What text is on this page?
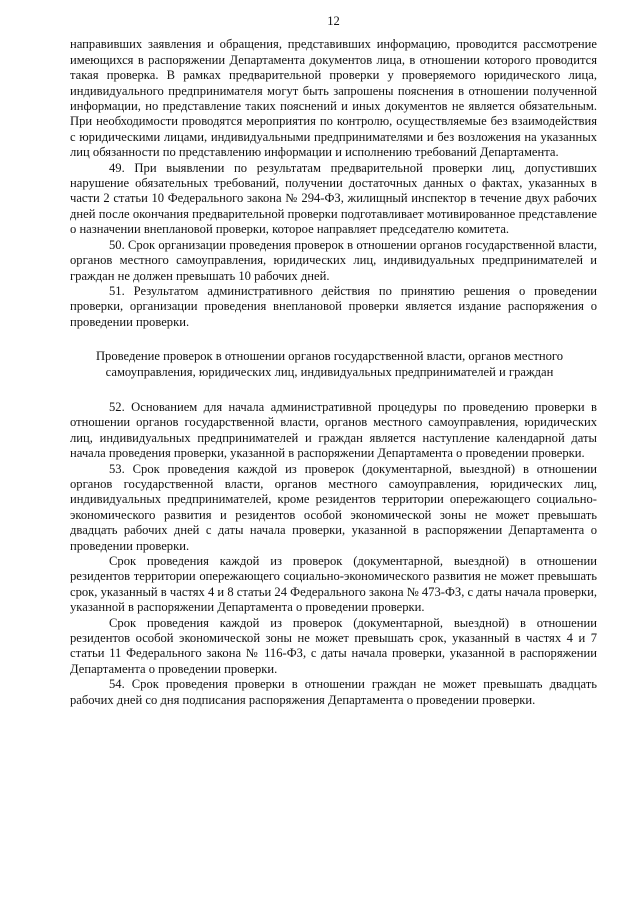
12

направивших заявления и обращения, представивших информацию, проводится рассмотрение имеющихся в распоряжении Департамента документов лица, в отношении которого проводится такая проверка. В рамках предварительной проверки у проверяемого юридического лица, индивидуального предпринимателя могут быть запрошены пояснения в отношении полученной информации, но представление таких пояснений и иных документов не является обязательным. При необходимости проводятся мероприятия по контролю, осуществляемые без взаимодействия с юридическими лицами, индивидуальными предпринимателями и без возложения на указанных лиц обязанности по представлению информации и исполнению требований Департамента.

49. При выявлении по результатам предварительной проверки лиц, допустивших нарушение обязательных требований, получении достаточных данных о фактах, указанных в части 2 статьи 10 Федерального закона № 294-ФЗ, жилищный инспектор в течение двух рабочих дней после окончания предварительной проверки подготавливает мотивированное представление о назначении внеплановой проверки, которое направляет председателю комитета.

50. Срок организации проведения проверок в отношении органов государственной власти, органов местного самоуправления, юридических лиц, индивидуальных предпринимателей и граждан не должен превышать 10 рабочих дней.

51. Результатом административного действия по принятию решения о проведении проверки, организации проведения внеплановой проверки является издание распоряжения о проведении проверки.

Проведение проверок в отношении органов государственной власти, органов местного самоуправления, юридических лиц, индивидуальных предпринимателей и граждан

52. Основанием для начала административной процедуры по проведению проверки в отношении органов государственной власти, органов местного самоуправления, юридических лиц, индивидуальных предпринимателей и граждан является наступление календарной даты начала проведения проверки, указанной в распоряжении Департамента о проведении проверки.

53. Срок проведения каждой из проверок (документарной, выездной) в отношении органов государственной власти, органов местного самоуправления, юридических лиц, индивидуальных предпринимателей, кроме резидентов территории опережающего социально-экономического развития и резидентов особой экономической зоны не может превышать двадцать рабочих дней с даты начала проверки, указанной в распоряжении Департамента о проведении проверки.

Срок проведения каждой из проверок (документарной, выездной) в отношении резидентов территории опережающего социально-экономического развития не может превышать срок, указанный в частях 4 и 8 статьи 24 Федерального закона № 473-ФЗ, с даты начала проверки, указанной в распоряжении Департамента о проведении проверки.

Срок проведения каждой из проверок (документарной, выездной) в отношении резидентов особой экономической зоны не может превышать срок, указанный в частях 4 и 7 статьи 11 Федерального закона № 116-ФЗ, с даты начала проверки, указанной в распоряжении Департамента о проведении проверки.

54. Срок проведения проверки в отношении граждан не может превышать двадцать рабочих дней со дня подписания распоряжения Департамента о проведении проверки.
